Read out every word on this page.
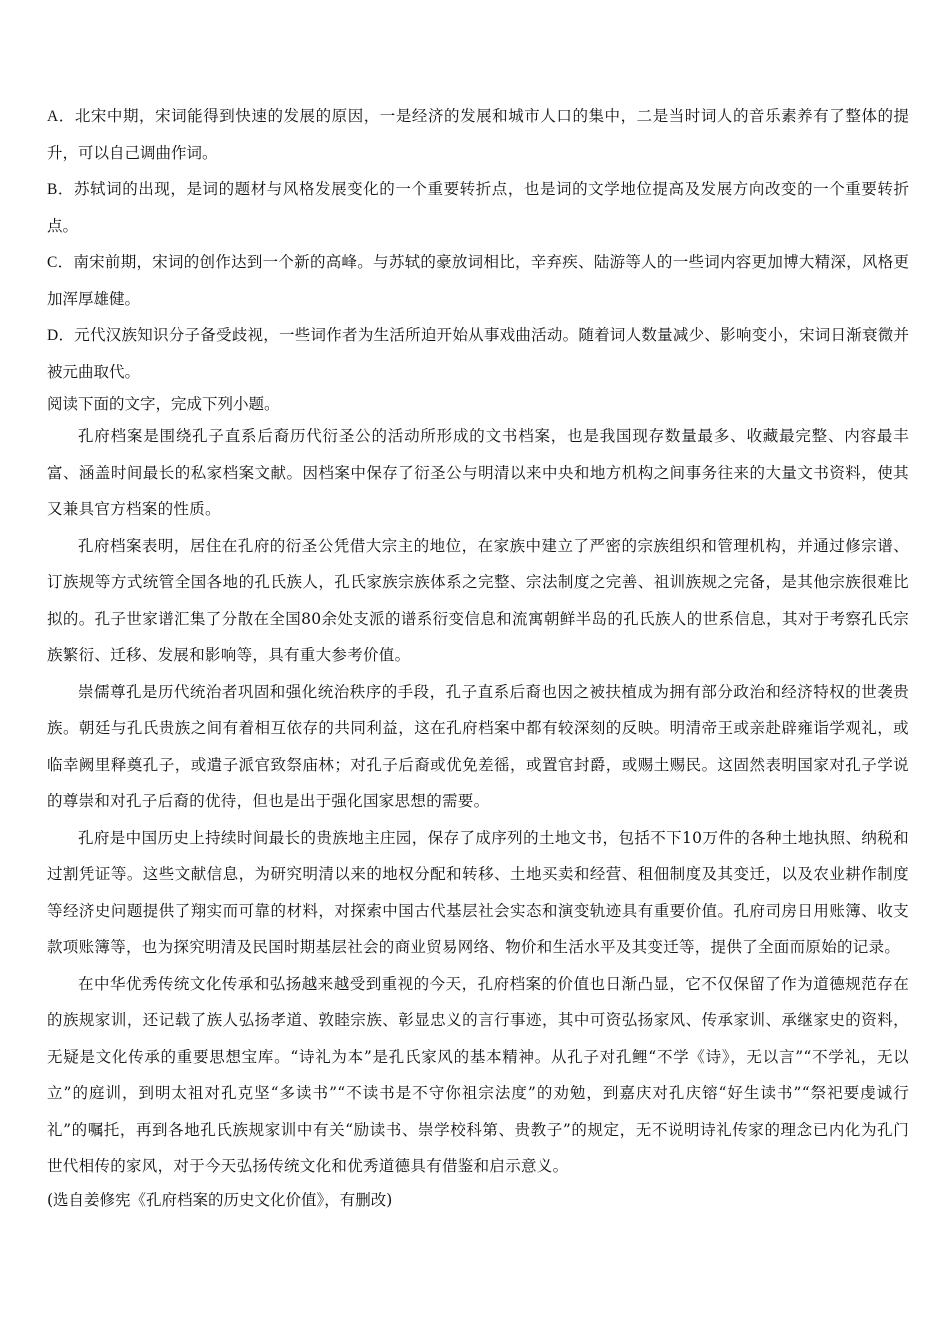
A．北宋中期，宋词能得到快速的发展的原因，一是经济的发展和城市人口的集中，二是当时词人的音乐素养有了整体的提升，可以自己调曲作词。

B．苏轼词的出现，是词的题材与风格发展变化的一个重要转折点，也是词的文学地位提高及发展方向改变的一个重要转折点。

C．南宋前期，宋词的创作达到一个新的高峰。与苏轼的豪放词相比，辛弃疾、陆游等人的一些词内容更加博大精深，风格更加浑厚雄健。

D．元代汉族知识分子备受歧视，一些词作者为生活所迫开始从事戏曲活动。随着词人数量减少、影响变小，宋词日渐衰微并被元曲取代。

阅读下面的文字，完成下列小题。

孔府档案是围绕孔子直系后裔历代衍圣公的活动所形成的文书档案，也是我国现存数量最多、收藏最完整、内容最丰富、涵盖时间最长的私家档案文献。因档案中保存了衍圣公与明清以来中央和地方机构之间事务往来的大量文书资料，使其又兼具官方档案的性质。

孔府档案表明，居住在孔府的衍圣公凭借大宗主的地位，在家族中建立了严密的宗族组织和管理机构，并通过修宗谱、订族规等方式统管全国各地的孔氏族人，孔氏家族宗族体系之完整、宗法制度之完善、祖训族规之完备，是其他宗族很难比拟的。孔子世家谱汇集了分散在全国80余处支派的谱系衍变信息和流寓朝鲜半岛的孔氏族人的世系信息，其对于考察孔氏宗族繁衍、迁移、发展和影响等，具有重大参考价值。

崇儒尊孔是历代统治者巩固和强化统治秩序的手段，孔子直系后裔也因之被扶植成为拥有部分政治和经济特权的世袭贵族。朝廷与孔氏贵族之间有着相互依存的共同利益，这在孔府档案中都有较深刻的反映。明清帝王或亲赴辟雍诣学观礼，或临幸阙里释奠孔子，或遣子派官致祭庙林；对孔子后裔或优免差徭，或置官封爵，或赐土赐民。这固然表明国家对孔子学说的尊崇和对孔子后裔的优待，但也是出于强化国家思想的需要。

孔府是中国历史上持续时间最长的贵族地主庄园，保存了成序列的土地文书，包括不下10万件的各种土地执照、纳税和过割凭证等。这些文献信息，为研究明清以来的地权分配和转移、土地买卖和经营、租佃制度及其变迁，以及农业耕作制度等经济史问题提供了翔实而可靠的材料，对探索中国古代基层社会实态和演变轨迹具有重要价值。孔府司房日用账簿、收支款项账簿等，也为探究明清及民国时期基层社会的商业贸易网络、物价和生活水平及其变迁等，提供了全面而原始的记录。

在中华优秀传统文化传承和弘扬越来越受到重视的今天，孔府档案的价值也日渐凸显，它不仅保留了作为道德规范存在的族规家训，还记载了族人弘扬孝道、敦睦宗族、彰显忠义的言行事迹，其中可资弘扬家风、传承家训、承继家史的资料，无疑是文化传承的重要思想宝库。“诗礼为本”是孔氏家风的基本精神。从孔子对孔鲤“不学《诗》，无以言”“不学礼，无以立”的庭训，到明太祖对孔克坚“多读书”“不读书是不守你祖宗法度”的劝勉，到嘉庆对孔庆镕“好生读书”“祭祀要虔诚行礼”的嘱托，再到各地孔氏族规家训中有关“励读书、崇学校科第、贵教子”的规定，无不说明诗礼传家的理念已内化为孔门世代相传的家风，对于今天弘扬传统文化和优秀道德具有借鉴和启示意义。

(选自姜修宪《孔府档案的历史文化价值》，有删改)
